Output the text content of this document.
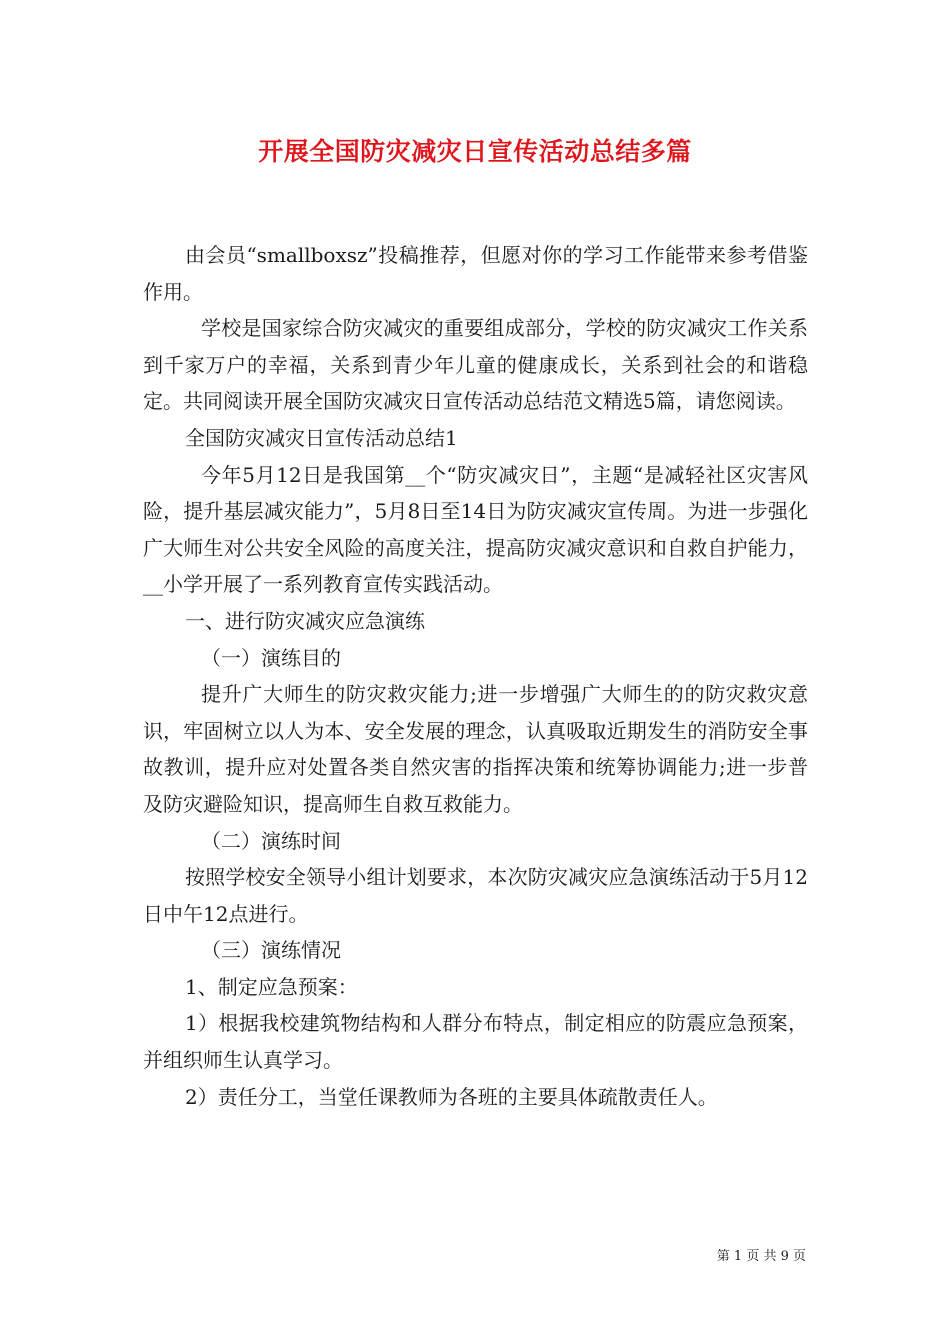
开展全国防灾减灾日宣传活动总结多篇

由会员“smallboxsz”投稿推荐，但愿对你的学习工作能带来参考借鉴作用。

学校是国家综合防灾减灾的重要组成部分，学校的防灾减灾工作关系到千家万户的幸福，关系到青少年儿童的健康成长，关系到社会的和谐稳定。共同阅读开展全国防灾减灾日宣传活动总结范文精选5篇，请您阅读。

全国防灾减灾日宣传活动总结1

今年5月12日是我国第__个“防灾减灾日”，主题“是减轻社区灾害风险，提升基层减灾能力”，5月8日至14日为防灾减灾宣传周。为进一步强化广大师生对公共安全风险的高度关注，提高防灾减灾意识和自救自护能力，__小学开展了一系列教育宣传实践活动。

一、进行防灾减灾应急演练

（一）演练目的

提升广大师生的防灾救灾能力;进一步增强广大师生的的防灾救灾意识，牢固树立以人为本、安全发展的理念，认真吸取近期发生的消防安全事故教训，提升应对处置各类自然灾害的指挥决策和统筹协调能力;进一步普及防灾避险知识，提高师生自救互救能力。

（二）演练时间

按照学校安全领导小组计划要求，本次防灾减灾应急演练活动于5月12日中午12点进行。

（三）演练情况

1、制定应急预案：

1）根据我校建筑物结构和人群分布特点，制定相应的防震应急预案，并组织师生认真学习。

2）责任分工，当堂任课教师为各班的主要具体疏散责任人。

第 1 页 共 9 页
